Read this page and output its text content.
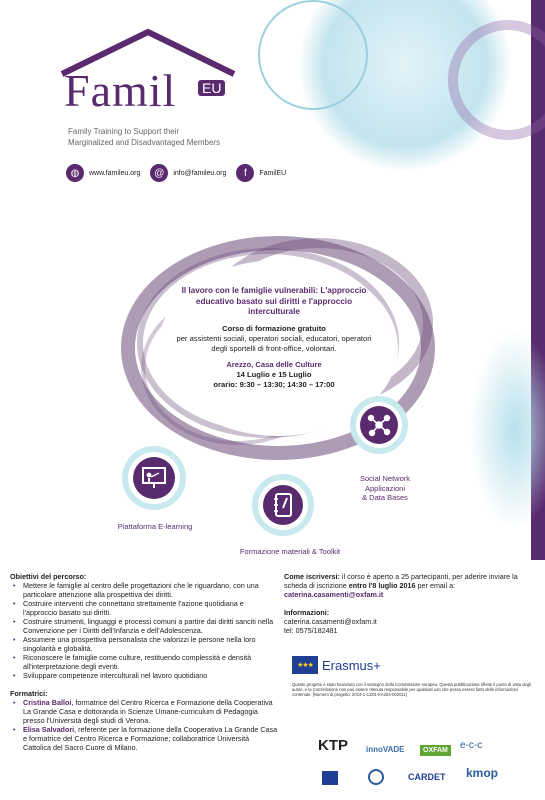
Famil EU
Family Training to Support their
Marginalized and Disadvantaged Members
◍	www.famileu.org	@	info@famileu.org	f	FamilEU
Il lavoro con le famiglie vulnerabili: L'approccio educativo basato sui diritti e l'approccio interculturale
Corso di formazione gratuito
per assistenti sociali, operatori sociali, educatori, operatori degli sportelli di front-office, volontari.
Arezzo, Casa delle Culture
14 Luglio e 15 Luglio
orario: 9:30 – 13:30; 14:30 – 17:00
Social Network
Applicazioni
& Data Bases
Piattaforma E-learning
Formazione materiali & Toolkit
Obiettivi del percorso:
• Mettere le famiglie al centro delle progettazioni che le riguardano, con una particolare attenzione alla prospettiva dei diritti.
• Costruire interventi che connettano strettamente l'azione quotidiana e l'approccio basato sui diritti.
• Costruire strumenti, linguaggi e processi comuni a partire dai diritti sanciti nella Convenzione per i Diritti dell'Infanzia e dell'Adolescenza.
• Assumere una prospettiva personalista che valorizzi le persone nella loro singolarità e globalità.
• Riconoscere le famiglie come culture, restituendo complessità e densità all'interpretazione degli eventi.
• Sviluppare competenze interculturali nel lavoro quotidiano
Formatrici:
• Cristina Balloi, formatrice del Centro Ricerca e Formazione della Cooperativa La Grande Casa e dottoranda in Scienze Umane-curriculum di Pedagogia presso l'Università degli studi di Verona.
• Elisa Salvadori, referente per la formazione della Cooperativa La Grande Casa e formatrice del Centro Ricerca e Formazione; collaboratrice Università Cattolica del Sacro Cuore di Milano.
Come iscriversi: il corso è aperto a 25 partecipanti, per aderire inviare la scheda di iscrizione entro l'8 luglio 2016 per email a:
caterina.casamenti@oxfam.it
Informazioni:
caterina.casamenti@oxfam.it
tel: 0575/182481
★★★ Erasmus+
Questo progetto è stato finanziato con il sostegno della Commissione europea. Questa pubblicazione riflette il punto di vista degli autori, e la Commissione non può essere ritenuta responsabile per qualsiasi uso che possa essere fatto delle informazioni contenute. [Numero di progetto: 2014-1-CZ01-KA204-002011]
KTP innoVADE	OXFAM	e-c-c
CARDET kmop
